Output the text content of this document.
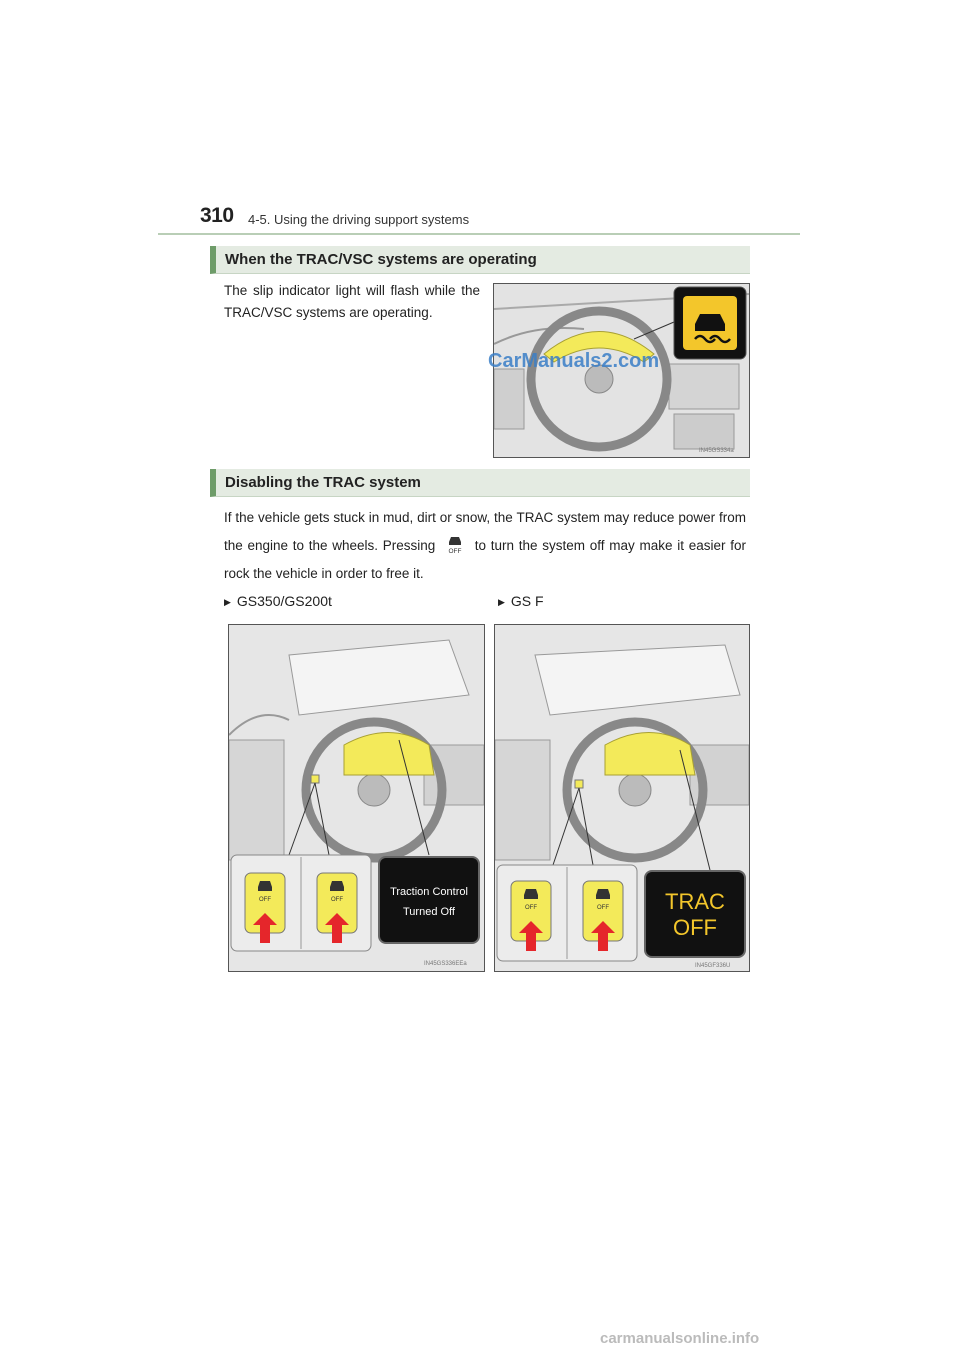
310 4-5. Using the driving support systems
When the TRAC/VSC systems are operating
The slip indicator light will flash while the TRAC/VSC systems are operating.
IN45GS334a
CarManuals2.com
Disabling the TRAC system
If the vehicle gets stuck in mud, dirt or snow, the TRAC system may reduce power from the engine to the wheels. Pressing OFF to turn the system off may make it easier for rock the vehicle in order to free it.
▶ GS350/GS200t	▶ GS F
OFF	OFF
Traction Control
Turned Off
IN45GS336EEa
OFF	OFF	TRAC
OFF
IN45GF336U
carmanualsonline.info
